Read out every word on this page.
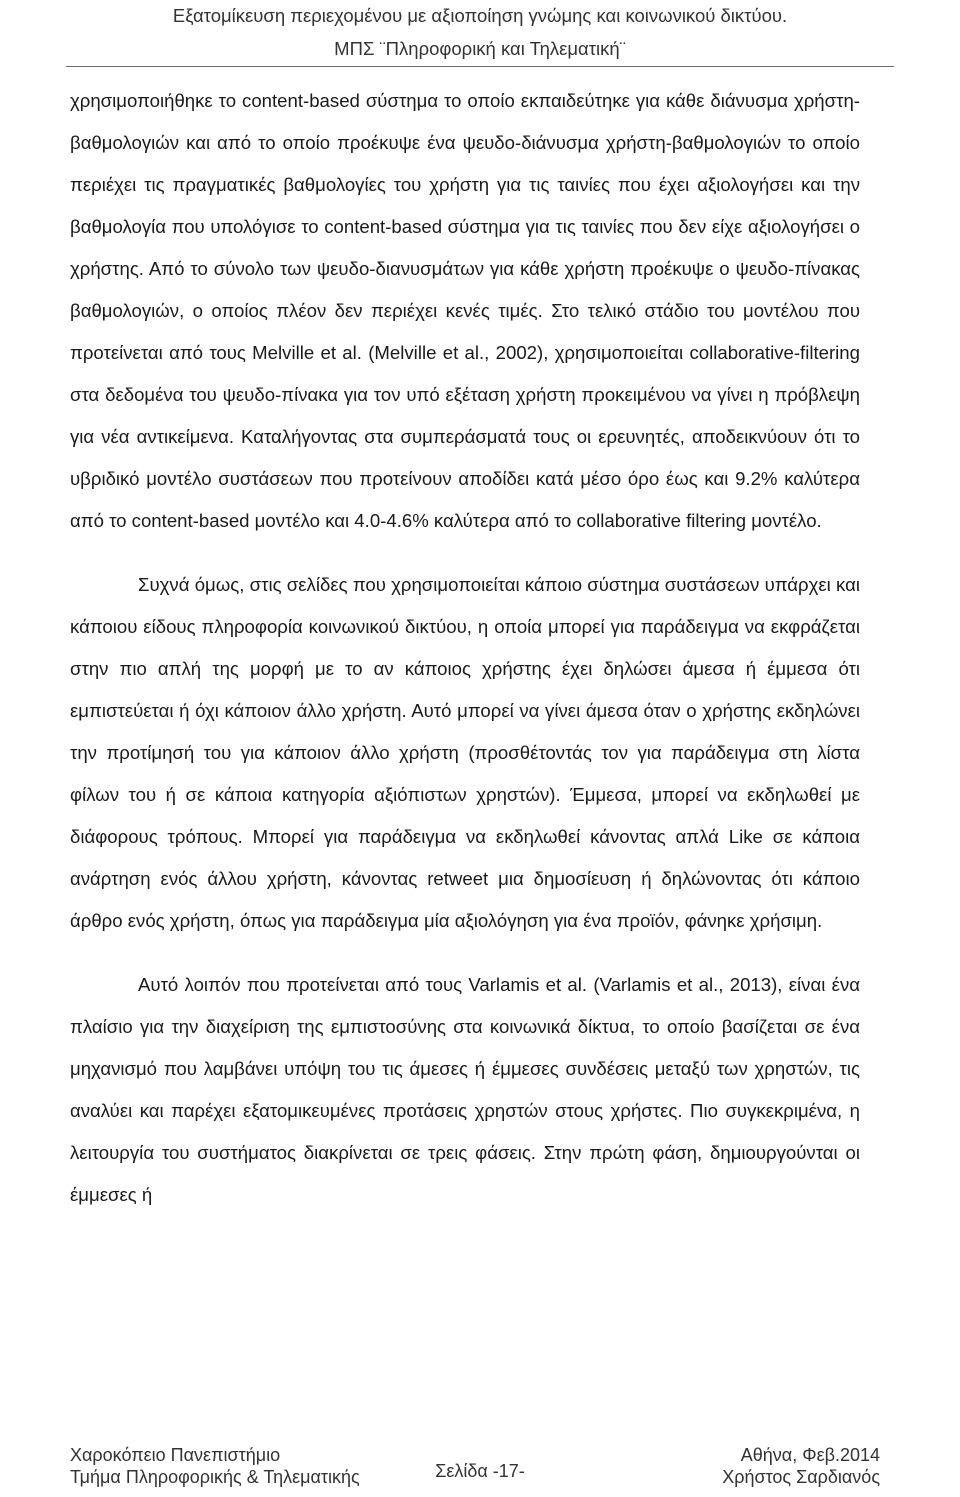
Εξατομίκευση περιεχομένου με αξιοποίηση γνώμης και κοινωνικού δικτύου.
ΜΠΣ ¨Πληροφορική και Τηλεματική¨

χρησιμοποιήθηκε το content-based σύστημα το οποίο εκπαιδεύτηκε για κάθε διάνυσμα χρήστη-βαθμολογιών και από το οποίο προέκυψε ένα ψευδο-διάνυσμα χρήστη-βαθμολογιών το οποίο περιέχει τις πραγματικές βαθμολογίες του χρήστη για τις ταινίες που έχει αξιολογήσει και την βαθμολογία που υπολόγισε το content-based σύστημα για τις ταινίες που δεν είχε αξιολογήσει ο χρήστης. Από το σύνολο των ψευδο-διανυσμάτων για κάθε χρήστη προέκυψε ο ψευδο-πίνακας βαθμολογιών, ο οποίος πλέον δεν περιέχει κενές τιμές. Στο τελικό στάδιο του μοντέλου που προτείνεται από τους Melville et al. (Melville et al., 2002), χρησιμοποιείται collaborative-filtering στα δεδομένα του ψευδο-πίνακα για τον υπό εξέταση χρήστη προκειμένου να γίνει η πρόβλεψη για νέα αντικείμενα. Καταλήγοντας στα συμπεράσματά τους οι ερευνητές, αποδεικνύουν ότι το υβριδικό μοντέλο συστάσεων που προτείνουν αποδίδει κατά μέσο όρο έως και 9.2% καλύτερα από το content-based μοντέλο και 4.0-4.6% καλύτερα από το collaborative filtering μοντέλο.

Συχνά όμως, στις σελίδες που χρησιμοποιείται κάποιο σύστημα συστάσεων υπάρχει και κάποιου είδους πληροφορία κοινωνικού δικτύου, η οποία μπορεί για παράδειγμα να εκφράζεται στην πιο απλή της μορφή με το αν κάποιος χρήστης έχει δηλώσει άμεσα ή έμμεσα ότι εμπιστεύεται ή όχι κάποιον άλλο χρήστη. Αυτό μπορεί να γίνει άμεσα όταν ο χρήστης εκδηλώνει την προτίμησή του για κάποιον άλλο χρήστη (προσθέτοντάς τον για παράδειγμα στη λίστα φίλων του ή σε κάποια κατηγορία αξιόπιστων χρηστών). Έμμεσα, μπορεί να εκδηλωθεί με διάφορους τρόπους. Μπορεί για παράδειγμα να εκδηλωθεί κάνοντας απλά Like σε κάποια ανάρτηση ενός άλλου χρήστη, κάνοντας retweet μια δημοσίευση ή δηλώνοντας ότι κάποιο άρθρο ενός χρήστη, όπως για παράδειγμα μία αξιολόγηση για ένα προϊόν, φάνηκε χρήσιμη.

Αυτό λοιπόν που προτείνεται από τους Varlamis et al. (Varlamis et al., 2013), είναι ένα πλαίσιο για την διαχείριση της εμπιστοσύνης στα κοινωνικά δίκτυα, το οποίο βασίζεται σε ένα μηχανισμό που λαμβάνει υπόψη του τις άμεσες ή έμμεσες συνδέσεις μεταξύ των χρηστών, τις αναλύει και παρέχει εξατομικευμένες προτάσεις χρηστών στους χρήστες. Πιο συγκεκριμένα, η λειτουργία του συστήματος διακρίνεται σε τρεις φάσεις. Στην πρώτη φάση, δημιουργούνται οι έμμεσες ή

Χαροκόπειο Πανεπιστήμιο	Αθήνα, Φεβ.2014
Σελίδα -17-
Τμήμα Πληροφορικής & Τηλεματικής	Χρήστος Σαρδιανός
